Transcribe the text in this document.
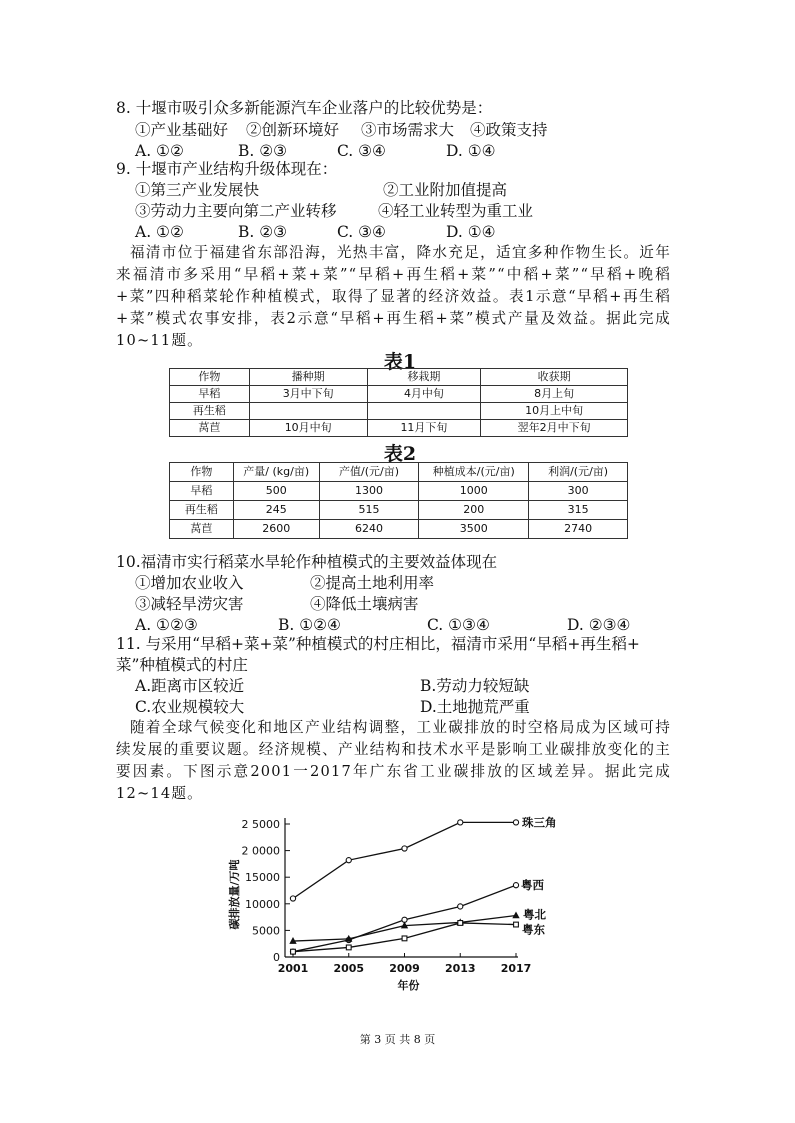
8. 十堰市吸引众多新能源汽车企业落户的比较优势是：
①产业基础好 ②创新环境好 ③市场需求大 ④政策支持
A. ①②	B. ②③	C. ③④	D. ①④
9. 十堰市产业结构升级体现在：
①第三产业发展快	②工业附加值提高
③劳动力主要向第二产业转移	④轻工业转型为重工业
A. ①②	B. ②③	C. ③④	D. ①④

福清市位于福建省东部沿海，光热丰富，降水充足，适宜多种作物生长。近年来福清市多采用“早稻+菜+菜”“早稻+再生稻+菜”“中稻+菜”“早稻+晚稻+菜”四种稻菜轮作种植模式，取得了显著的经济效益。表1示意“早稻+再生稻+菜”模式农事安排，表2示意“早稻+再生稻+菜”模式产量及效益。据此完成10~11题。

表1
作物	播种期	移栽期	收获期
早稻	3月中下旬	4月中旬	8月上旬
再生稻			10月上中旬
莴苣	10月中旬	11月下旬	翌年2月中下旬
表2
作物	产量/ (kg/亩)	产值/(元/亩)	种植成本/(元/亩)	利润/(元/亩)
早稻	500	1300	1000	300
再生稻	245	515	200	315
莴苣	2600	6240	3500	2740
10.福清市实行稻菜水旱轮作种植模式的主要效益体现在
①增加农业收入	②提高土地利用率
③减轻旱涝灾害	④降低土壤病害
A. ①②③	B. ①②④	C. ①③④	D. ②③④
11. 与采用“早稻+菜+菜”种植模式的村庄相比，福清市采用“早稻+再生稻+
菜”种植模式的村庄
A.距离市区较近	B.劳动力较短缺
C.农业规模较大	D.土地抛荒严重

随着全球气候变化和地区产业结构调整，工业碳排放的时空格局成为区域可持续发展的重要议题。经济规模、产业结构和技术水平是影响工业碳排放变化的主要因素。下图示意2001一2017年广东省工业碳排放的区域差异。据此完成12~14题。

0
5000
10000
15000
2 0000
2 5000
2001 2005 2009 2013 2017
年份
碳排放量/万吨
珠三角
粤西
粤北
粤东
第 3 页 共 8 页
